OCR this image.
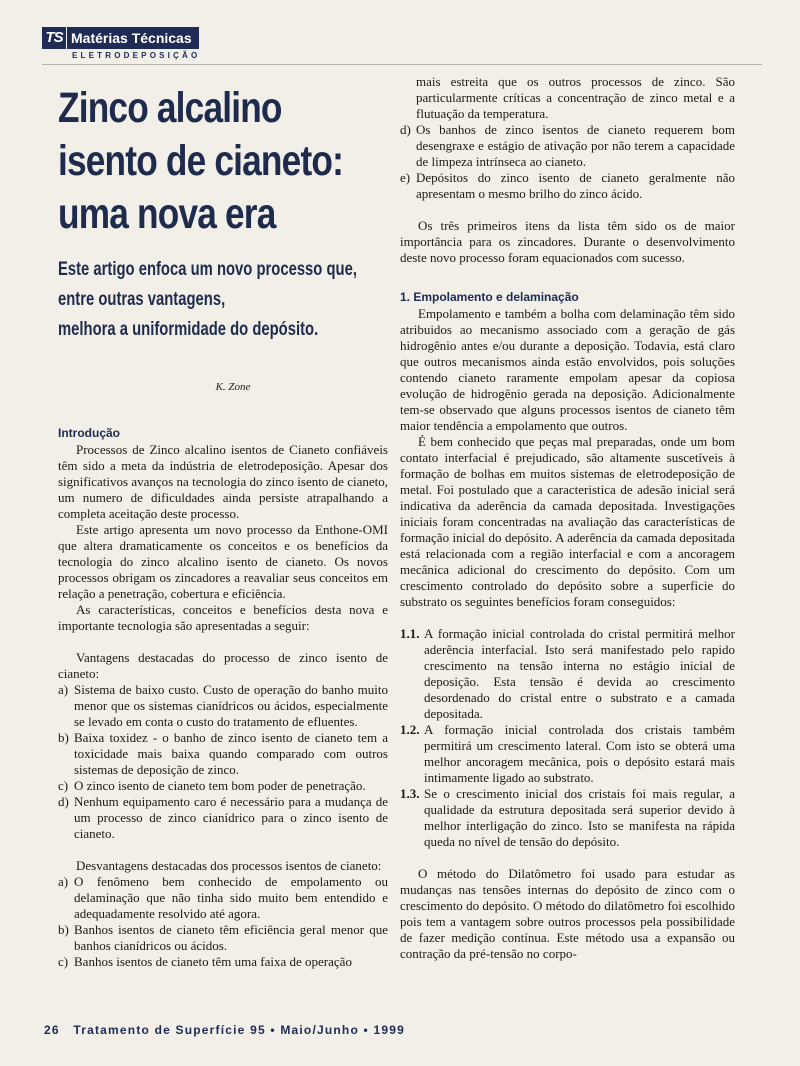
TS Matérias Técnicas
ELETRODEPOSIÇÃO
Zinco alcalino
isento de cianeto:
uma nova era
Este artigo enfoca um novo processo que,
entre outras vantagens,
melhora a uniformidade do depósito.
K. Zone
Introdução

Processos de Zinco alcalino isentos de Cianeto confiáveis têm sido a meta da indústria de eletrodeposição. Apesar dos significativos avanços na tecnologia do zinco isento de cianeto, um numero de dificuldades ainda persiste atrapalhando a completa aceitação deste processo.

Este artigo apresenta um novo processo da Enthone-OMI que altera dramaticamente os conceitos e os benefícios da tecnologia do zinco alcalino isento de cianeto. Os novos processos obrigam os zincadores a reavaliar seus conceitos em relação a penetração, cobertura e eficiência.

As características, conceitos e benefícios desta nova e importante tecnologia são apresentadas a seguir:

Vantagens destacadas do processo de zinco isento de cianeto:

a) Sistema de baixo custo. Custo de operação do banho muito menor que os sistemas cianídricos ou ácidos, especialmente se levado em conta o custo do tratamento de efluentes.
b) Baixa toxidez - o banho de zinco isento de cianeto tem a toxicidade mais baixa quando comparado com outros sistemas de deposição de zinco.
c) O zinco isento de cianeto tem bom poder de penetração.
d) Nenhum equipamento caro é necessário para a mudança de um processo de zinco cianídrico para o zinco isento de cianeto.

Desvantagens destacadas dos processos isentos de cianeto:

a) O fenômeno bem conhecido de empolamento ou delaminação que não tinha sido muito bem entendido e adequadamente resolvido até agora.
b) Banhos isentos de cianeto têm eficiência geral menor que banhos cianídricos ou ácidos.
c) Banhos isentos de cianeto têm uma faixa de operação

mais estreita que os outros processos de zinco. São particularmente críticas a concentração de zinco metal e a flutuação da temperatura.

d) Os banhos de zinco isentos de cianeto requerem bom desengraxe e estágio de ativação por não terem a capacidade de limpeza intrínseca ao cianeto.
e) Depósitos do zinco isento de cianeto geralmente não apresentam o mesmo brilho do zinco ácido.

Os três primeiros itens da lista têm sido os de maior importância para os zincadores. Durante o desenvolvimento deste novo processo foram equacionados com sucesso.

1. Empolamento e delaminação

Empolamento e também a bolha com delaminação têm sido atribuidos ao mecanismo associado com a geração de gás hidrogênio antes e/ou durante a deposição. Todavia, está claro que outros mecanismos ainda estão envolvidos, pois soluções contendo cianeto raramente empolam apesar da copiosa evolução de hidrogênio gerada na deposição. Adicionalmente tem-se observado que alguns processos isentos de cianeto têm maior tendência a empolamento que outros.

É bem conhecido que peças mal preparadas, onde um bom contato interfacial é prejudicado, são altamente suscetíveis à formação de bolhas em muitos sistemas de eletrodeposição de metal. Foi postulado que a caracteristica de adesão inicial será indicativa da aderência da camada depositada. Investigações iniciais foram concentradas na avaliação das características de formação inicial do depósito. A aderência da camada depositada está relacionada com a região interfacial e com a ancoragem mecânica adicional do crescimento do depósito. Com um crescimento controlado do depósito sobre a superficie do substrato os seguintes benefícios foram conseguidos:

1.1. A formação inicial controlada do cristal permitirá melhor aderência interfacial. Isto será manifestado pelo rapido crescimento na tensão interna no estágio inicial de deposição. Esta tensão é devida ao crescimento desordenado do cristal entre o substrato e a camada depositada.
1.2. A formação inicial controlada dos cristais também permitirá um crescimento lateral. Com isto se obterá uma melhor ancoragem mecânica, pois o depósito estará mais intimamente ligado ao substrato.
1.3. Se o crescimento inicial dos cristais foi mais regular, a qualidade da estrutura depositada será superior devido à melhor interligação do zinco. Isto se manifesta na rápida queda no nível de tensão do depósito.

O método do Dilatômetro foi usado para estudar as mudanças nas tensões internas do depósito de zinco com o crescimento do depósito. O método do dilatômetro foi escolhido pois tem a vantagem sobre outros processos pela possibilidade de fazer medição contínua. Este método usa a expansão ou contração da pré-tensão no corpo-

26 Tratamento de Superfície 95 • Maio/Junho • 1999
